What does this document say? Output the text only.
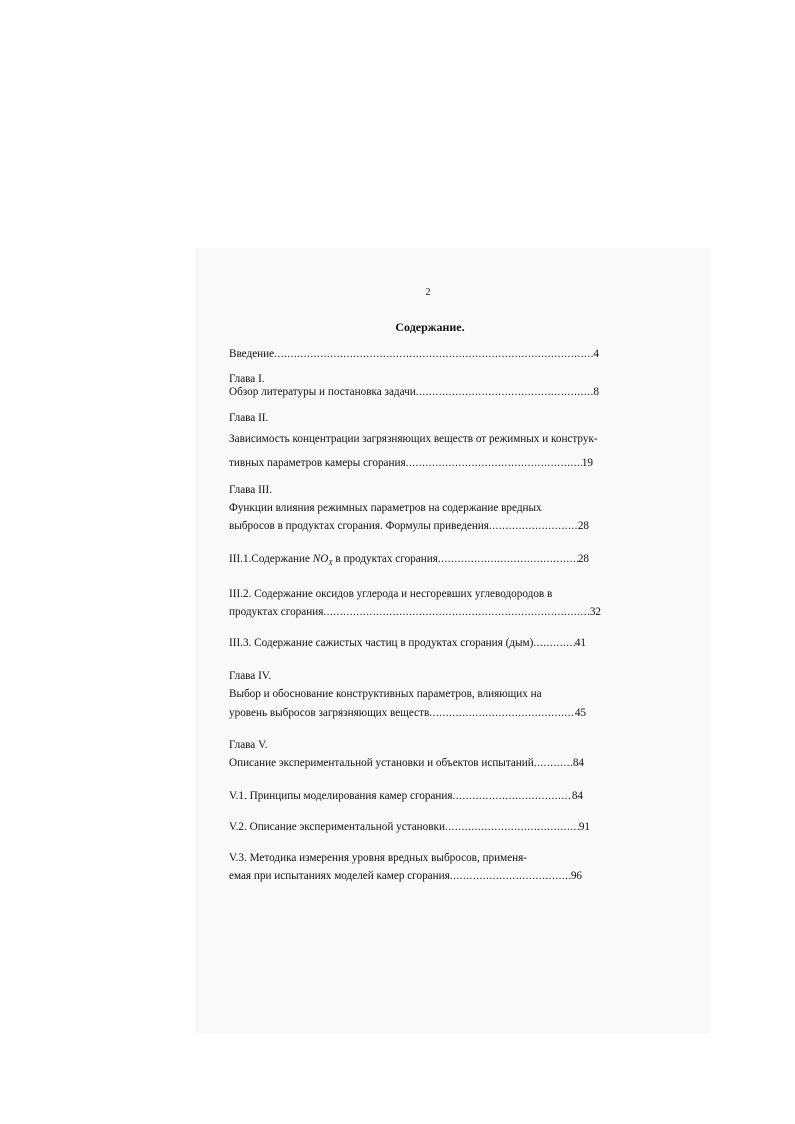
2
Содержание.
Введение .....	4
Глава I.
Обзор литературы и постановка задачи .....	8
Глава II.
Зависимость концентрации загрязняющих веществ от режимных и конструк-
тивных параметров камеры сгорания .....	19
Глава III.
Функции влияния режимных параметров на содержание вредных
выбросов в продуктах сгорания. Формулы приведения .....	28
III.1.Содержание $NO_X$ в продуктах сгорания .....	28
III.2. Содержание оксидов углерода и несгоревших углеводородов в
продуктах сгорания .....	32
III.3. Содержание сажистых частиц в продуктах сгорания (дым) .....	41
Глава IV.
Выбор и обоснование конструктивных параметров, влияющих на
уровень выбросов загрязняющих веществ .....	45
Глава V.
Описание экспериментальной установки и объектов испытаний .....	84
V.1. Принципы моделирования камер сгорания .....	84
V.2. Описание экспериментальной установки .....	91
V.3. Методика измерения уровня вредных выбросов, применя-
емая при испытаниях моделей камер сгорания .....	96
